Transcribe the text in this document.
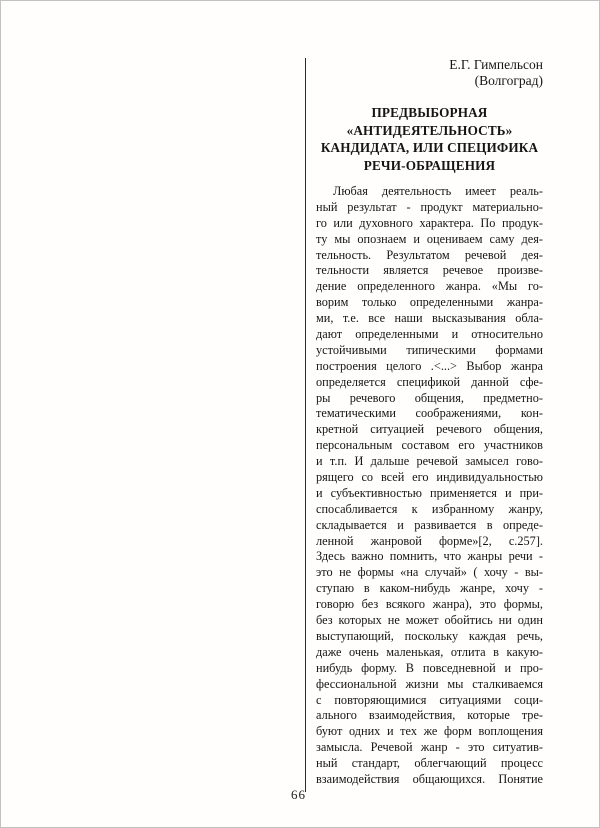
Е.Г. Гимпельсон
(Волгоград)
ПРЕДВЫБОРНАЯ
«АНТИДЕЯТЕЛЬНОСТЬ»
КАНДИДАТА, ИЛИ СПЕЦИФИКА
РЕЧИ-ОБРАЩЕНИЯ
Любая деятельность имеет реаль-
ный результат - продукт материально-
го или духовного характера. По продук-
ту мы опознаем и оцениваем саму дея-
тельность. Результатом речевой дея-
тельности является речевое произве-
дение определенного жанра. «Мы го-
ворим только определенными жанра-
ми, т.е. все наши высказывания обла-
дают определенными и относительно
устойчивыми типическими формами
построения целого .<...> Выбор жанра
определяется спецификой данной сфе-
ры речевого общения, предметно-
тематическими соображениями, кон-
кретной ситуацией речевого общения,
персональным составом его участников
и т.п. И дальше речевой замысел гово-
рящего со всей его индивидуальностью
и субъективностью применяется и при-
спосабливается к избранному жанру,
складывается и развивается в опреде-
ленной жанровой форме»[2, с.257].
Здесь важно помнить, что жанры речи -
это не формы «на случай» ( хочу - вы-
ступаю в каком-нибудь жанре, хочу -
говорю без всякого жанра), это формы,
без которых не может обойтись ни один
выступающий, поскольку каждая речь,
даже очень маленькая, отлита в какую-
нибудь форму. В повседневной и про-
фессиональной жизни мы сталкиваемся
с повторяющимися ситуациями соци-
ального взаимодействия, которые тре-
буют одних и тех же форм воплощения
замысла. Речевой жанр - это ситуатив-
ный стандарт, облегчающий процесс
взаимодействия общающихся. Понятие
66
